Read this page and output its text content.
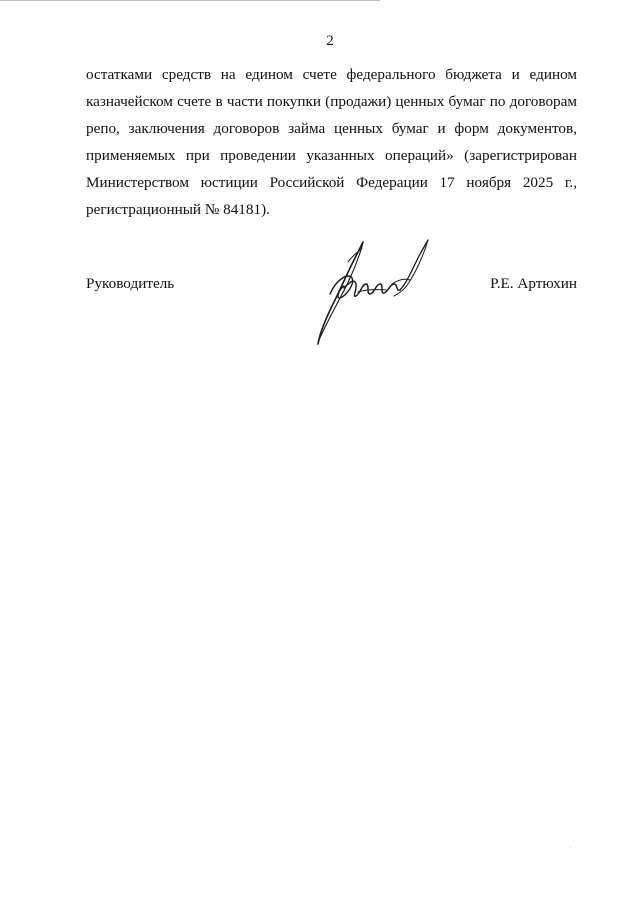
2
остатками средств на едином счете федерального бюджета и едином
казначейском счете в части покупки (продажи) ценных бумаг по договорам
репо, заключения договоров займа ценных бумаг и форм документов,
применяемых при проведении указанных операций» (зарегистрирован
Министерством юстиции Российской Федерации 17 ноября 2025 г.,
регистрационный № 84181).
Руководитель	Р.Е. Артюхин
